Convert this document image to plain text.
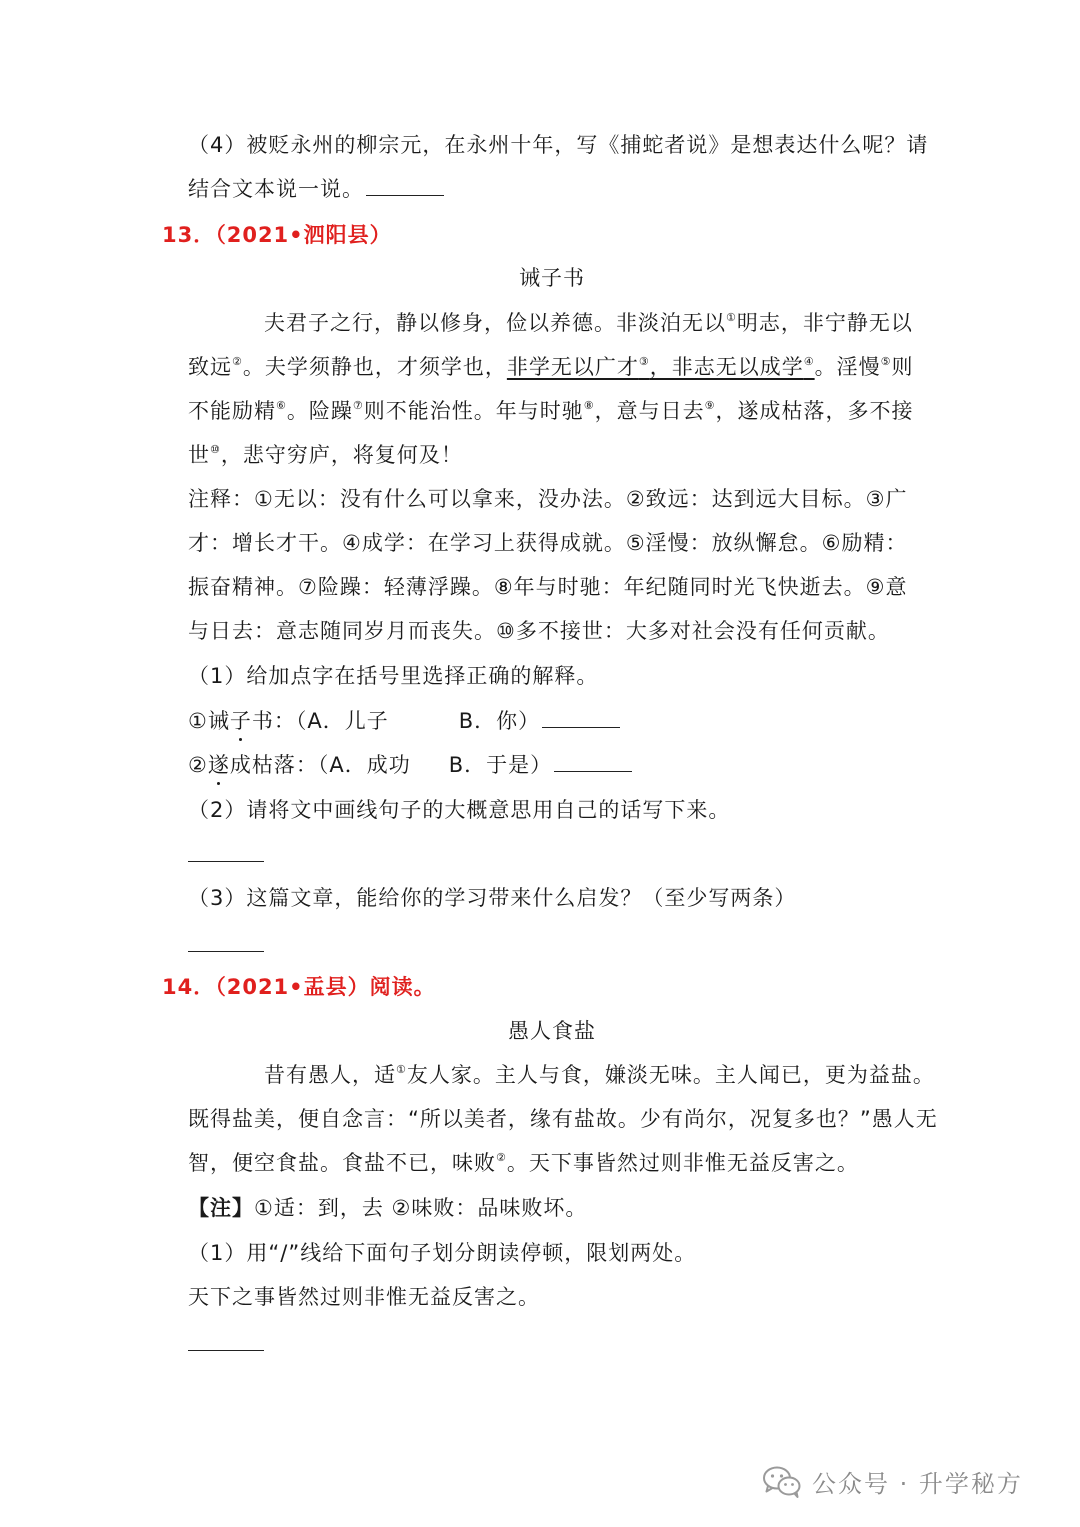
（4）被贬永州的柳宗元，在永州十年，写《捕蛇者说》是想表达什么呢？请
结合文本说一说。
13．（2021•泗阳县）
诫子书
夫君子之行，静以修身，俭以养德。非淡泊无以①明志，非宁静无以
致远②。夫学须静也，才须学也，非学无以广才③，非志无以成学④。淫慢⑤则
不能励精⑥。险躁⑦则不能治性。年与时驰⑧，意与日去⑨，遂成枯落，多不接
世⑩，悲守穷庐，将复何及！
注释：①无以：没有什么可以拿来，没办法。②致远：达到远大目标。③广
才：增长才干。④成学：在学习上获得成就。⑤淫慢：放纵懈怠。⑥励精：
振奋精神。⑦险躁：轻薄浮躁。⑧年与时驰：年纪随同时光飞快逝去。⑨意
与日去：意志随同岁月而丧失。⑩多不接世：大多对社会没有任何贡献。
（1）给加点字在括号里选择正确的解释。
①诫子书：（A．儿子	B．你）
②遂成枯落：（A．成功 B．于是）
（2）请将文中画线句子的大概意思用自己的话写下来。
（3）这篇文章，能给你的学习带来什么启发？（至少写两条）
14．（2021•盂县）阅读。
愚人食盐
昔有愚人，适①友人家。主人与食，嫌淡无味。主人闻已，更为益盐。
既得盐美，便自念言：“所以美者，缘有盐故。少有尚尔，况复多也？”愚人无
智，便空食盐。食盐不已，味败②。天下事皆然过则非惟无益反害之。
【注】①适：到，去 ②味败：品味败坏。
（1）用“/”线给下面句子划分朗读停顿，限划两处。
天下之事皆然过则非惟无益反害之。
公众号 · 升学秘方
